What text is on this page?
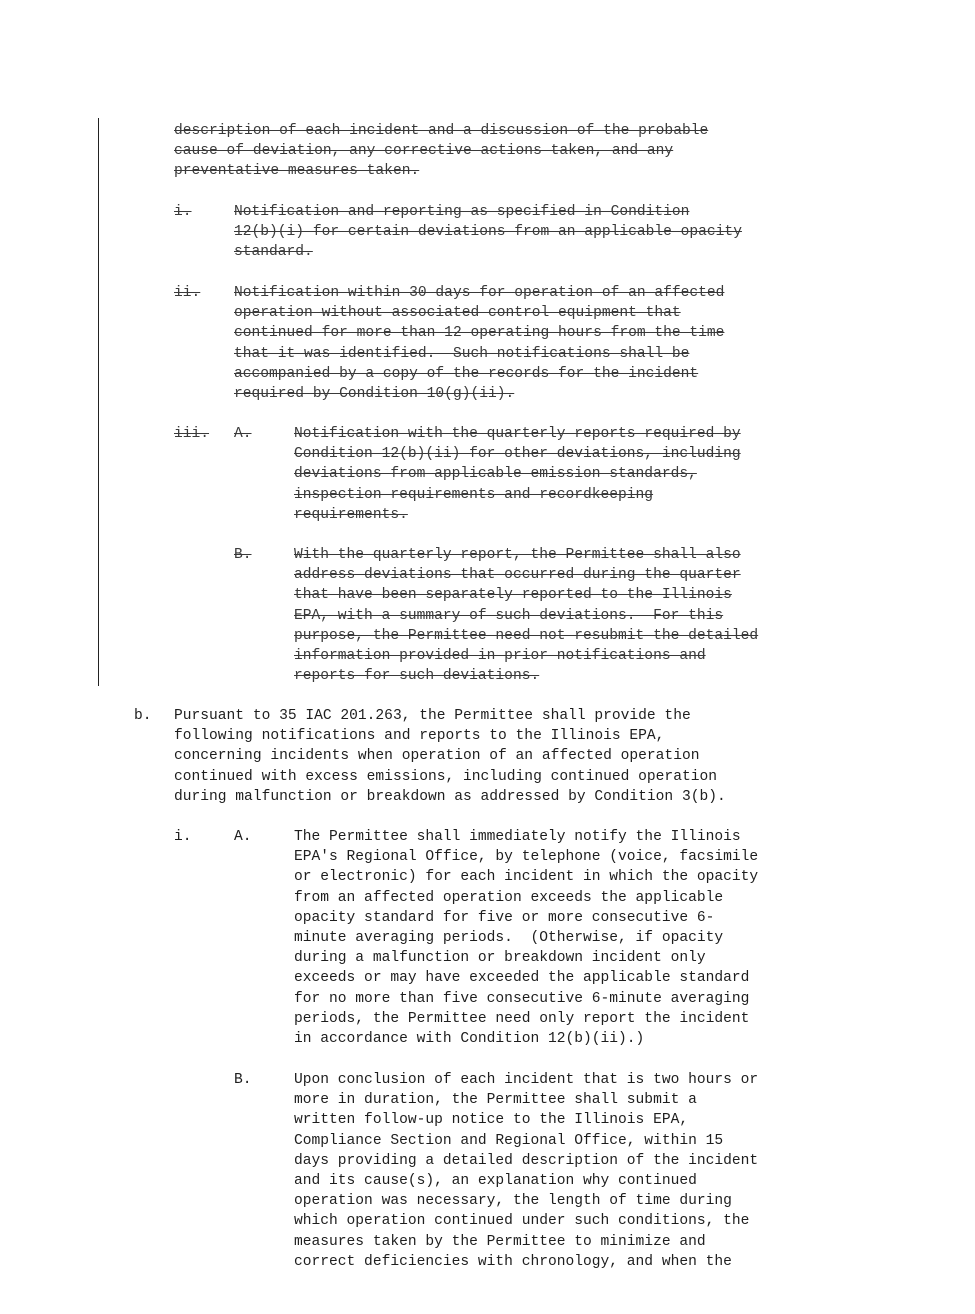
description of each incident and a discussion of the probable
cause of deviation, any corrective actions taken, and any
preventative measures taken.
i.	Notification and reporting as specified in Condition
12(b)(i) for certain deviations from an applicable opacity
standard.
ii. Notification within 30 days for operation of an affected
operation without associated control equipment that
continued for more than 12 operating hours from the time
that it was identified.  Such notifications shall be
accompanied by a copy of the records for the incident
required by Condition 10(g)(ii).
iii. A.	Notification with the quarterly reports required by
Condition 12(b)(ii) for other deviations, including
deviations from applicable emission standards,
inspection requirements and recordkeeping
requirements.
B.	With the quarterly report, the Permittee shall also
address deviations that occurred during the quarter
that have been separately reported to the Illinois
EPA, with a summary of such deviations.  For this
purpose, the Permittee need not resubmit the detailed
information provided in prior notifications and
reports for such deviations.
b. Pursuant to 35 IAC 201.263, the Permittee shall provide the
following notifications and reports to the Illinois EPA,
concerning incidents when operation of an affected operation
continued with excess emissions, including continued operation
during malfunction or breakdown as addressed by Condition 3(b).
i.	A.	The Permittee shall immediately notify the Illinois
EPA's Regional Office, by telephone (voice, facsimile
or electronic) for each incident in which the opacity
from an affected operation exceeds the applicable
opacity standard for five or more consecutive 6-
minute averaging periods.  (Otherwise, if opacity
during a malfunction or breakdown incident only
exceeds or may have exceeded the applicable standard
for no more than five consecutive 6-minute averaging
periods, the Permittee need only report the incident
in accordance with Condition 12(b)(ii).)
B.	Upon conclusion of each incident that is two hours or
more in duration, the Permittee shall submit a
written follow-up notice to the Illinois EPA,
Compliance Section and Regional Office, within 15
days providing a detailed description of the incident
and its cause(s), an explanation why continued
operation was necessary, the length of time during
which operation continued under such conditions, the
measures taken by the Permittee to minimize and
correct deficiencies with chronology, and when the
